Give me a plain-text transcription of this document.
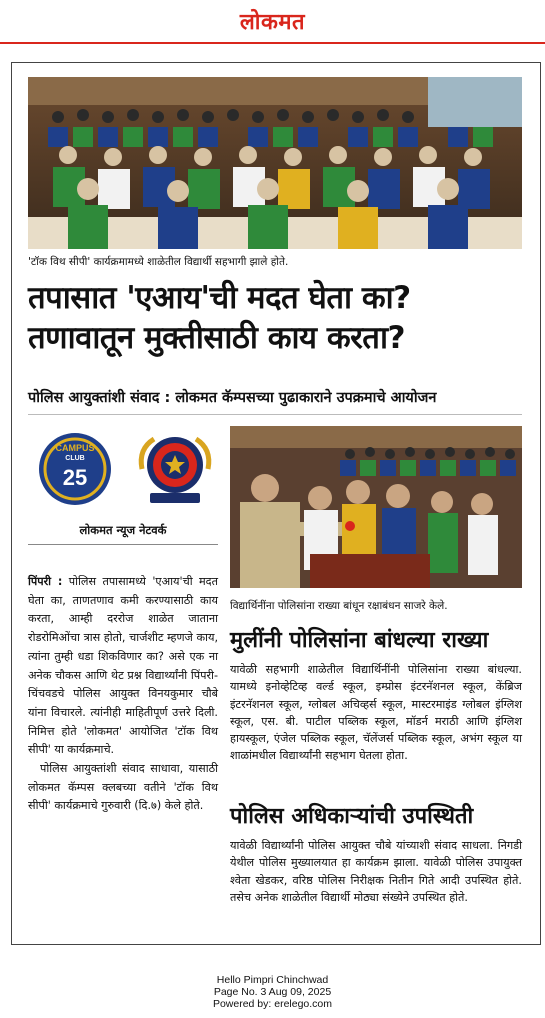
लोकमत
'टॉक विथ सीपी' कार्यक्रमामध्ये शाळेतील विद्यार्थी सहभागी झाले होते.
तपासात 'एआय'ची मदत घेता का?
तणावातून मुक्तीसाठी काय करता?
पोलिस आयुक्तांशी संवाद : लोकमत कॅम्पसच्या पुढाकाराने उपक्रमाचे आयोजन
CAMPUS
CLUB
25
लोकमत न्यूज नेटवर्क

पिंपरी : पोलिस तपासामध्ये 'एआय'ची मदत घेता का, ताणतणाव कमी करण्यासाठी काय करता, आम्ही दररोज शाळेत जाताना रोडरोमिओंचा त्रास होतो, चार्जशीट म्हणजे काय, त्यांना तुम्ही धडा शिकविणार का? असे एक ना अनेक चौकस आणि थेट प्रश्न विद्यार्थ्यांनी पिंपरी-चिंचवडचे पोलिस आयुक्त विनयकुमार चौबे यांना विचारले. त्यांनीही माहितीपूर्ण उत्तरे दिली. निमित्त होते 'लोकमत' आयोजित 'टॉक विथ सीपी' या कार्यक्रमाचे.

पोलिस आयुक्तांशी संवाद साधावा, यासाठी लोकमत कॅम्पस क्लबच्या वतीने 'टॉक विथ सीपी' कार्यक्रमाचे गुरुवारी (दि.७) केले होते.

विद्यार्थिनींना पोलिसांना राख्या बांधून रक्षाबंधन साजरे केले.
मुलींनी पोलिसांना बांधल्या राख्या
यावेळी सहभागी शाळेतील विद्यार्थिनींनी पोलिसांना राख्या बांधल्या. यामध्ये इनोव्हेटिव्ह वर्ल्ड स्कूल, इम्प्रोस इंटरनॅशनल स्कूल, केंब्रिज इंटरनॅशनल स्कूल, ग्लोबल अचिव्हर्स स्कूल, मास्टरमाइंड ग्लोबल इंग्लिश स्कूल, एस. बी. पाटील पब्लिक स्कूल, मॉडर्न मराठी आणि इंग्लिश हायस्कूल, एंजेल पब्लिक स्कूल, चॅलेंजर्स पब्लिक स्कूल, अभंग स्कूल या शाळांमधील विद्यार्थ्यांनी सहभाग घेतला होता.
पोलिस अधिकाऱ्यांची उपस्थिती
यावेळी विद्यार्थ्यांनी पोलिस आयुक्त चौबे यांच्याशी संवाद साधला. निगडी येथील पोलिस मुख्यालयात हा कार्यक्रम झाला. यावेळी पोलिस उपायुक्त श्वेता खेडकर, वरिष्ठ पोलिस निरीक्षक नितीन गिते आदी उपस्थित होते. तसेच अनेक शाळेतील विद्यार्थी मोठ्या संख्येने उपस्थित होते.
Hello Pimpri Chinchwad
Page No. 3 Aug 09, 2025
Powered by: erelego.com
